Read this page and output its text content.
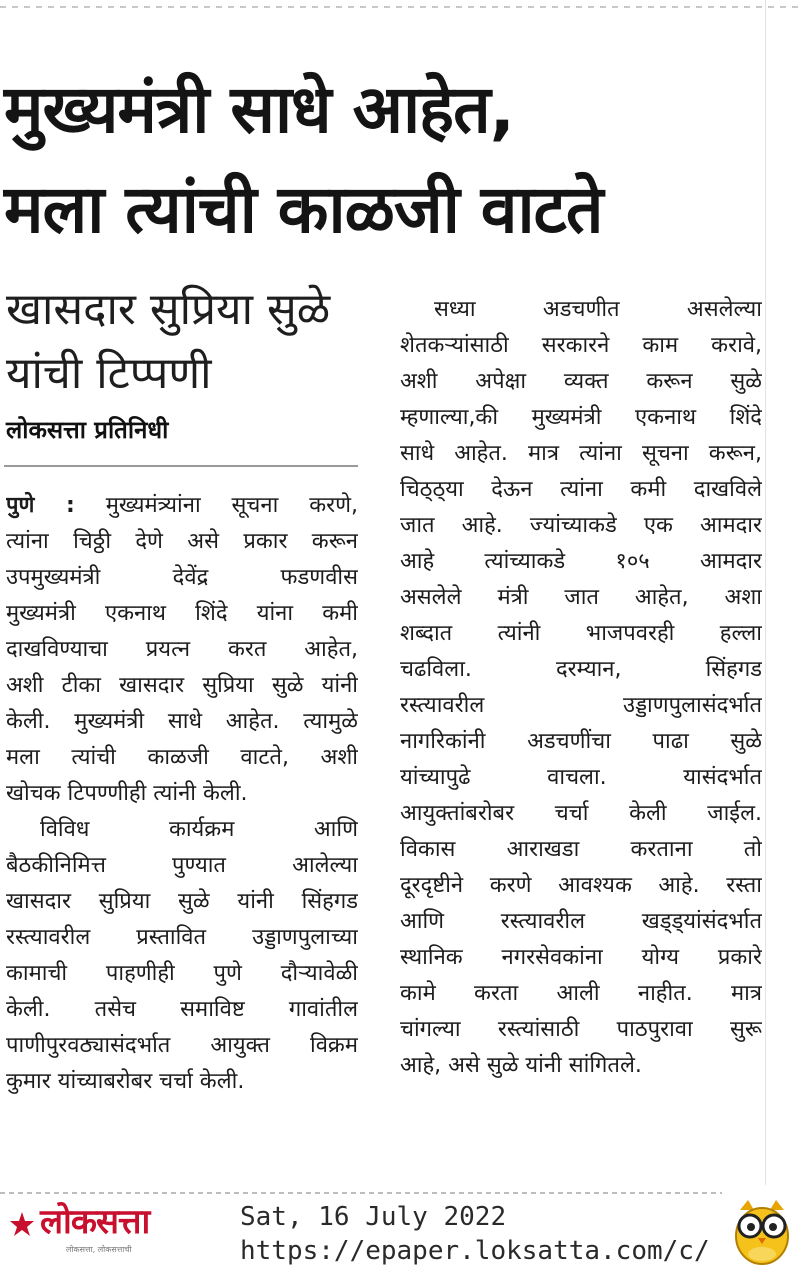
मुख्यमंत्री साधे आहेत,
मला त्यांची काळजी वाटते
खासदार सुप्रिया सुळे
यांची टिप्पणी
लोकसत्ता प्रतिनिधी
पुणे : मुख्यमंत्र्यांना सूचना करणे,
त्यांना चिठ्ठी देणे असे प्रकार करून
उपमुख्यमंत्री देवेंद्र फडणवीस
मुख्यमंत्री एकनाथ शिंदे यांना कमी
दाखविण्याचा प्रयत्न करत आहेत,
अशी टीका खासदार सुप्रिया सुळे यांनी
केली. मुख्यमंत्री साधे आहेत. त्यामुळे
मला त्यांची काळजी वाटते, अशी
खोचक टिपण्णीही त्यांनी केली.
विविध कार्यक्रम आणि
बैठकीनिमित्त पुण्यात आलेल्या
खासदार सुप्रिया सुळे यांनी सिंहगड
रस्त्यावरील प्रस्तावित उड्डाणपुलाच्या
कामाची पाहणीही पुणे दौऱ्यावेळी
केली. तसेच समाविष्ट गावांतील
पाणीपुरवठ्यासंदर्भात आयुक्त विक्रम
कुमार यांच्याबरोबर चर्चा केली.
सध्या अडचणीत असलेल्या
शेतकऱ्यांसाठी सरकारने काम करावे,
अशी अपेक्षा व्यक्त करून सुळे
म्हणाल्या,की मुख्यमंत्री एकनाथ शिंदे
साधे आहेत. मात्र त्यांना सूचना करून,
चिठ्ठ्या देऊन त्यांना कमी दाखविले
जात आहे. ज्यांच्याकडे एक आमदार
आहे त्यांच्याकडे १०५ आमदार
असलेले मंत्री जात आहेत, अशा
शब्दात त्यांनी भाजपवरही हल्ला
चढविला. दरम्यान, सिंहगड
रस्त्यावरील उड्डाणपुलासंदर्भात
नागरिकांनी अडचणींचा पाढा सुळे
यांच्यापुढे वाचला. यासंदर्भात
आयुक्तांबरोबर चर्चा केली जाईल.
विकास आराखडा करताना तो
दूरदृष्टीने करणे आवश्यक आहे. रस्ता
आणि रस्त्यावरील खड्ड्यांसंदर्भात
स्थानिक नगरसेवकांना योग्य प्रकारे
कामे करता आली नाहीत. मात्र
चांगल्या रस्त्यांसाठी पाठपुरावा सुरू
आहे, असे सुळे यांनी सांगितले.
लोकसत्ता
लोकसत्ता, लोकसत्ताची
Sat, 16 July 2022
https://epaper.loksatta.com/c/
